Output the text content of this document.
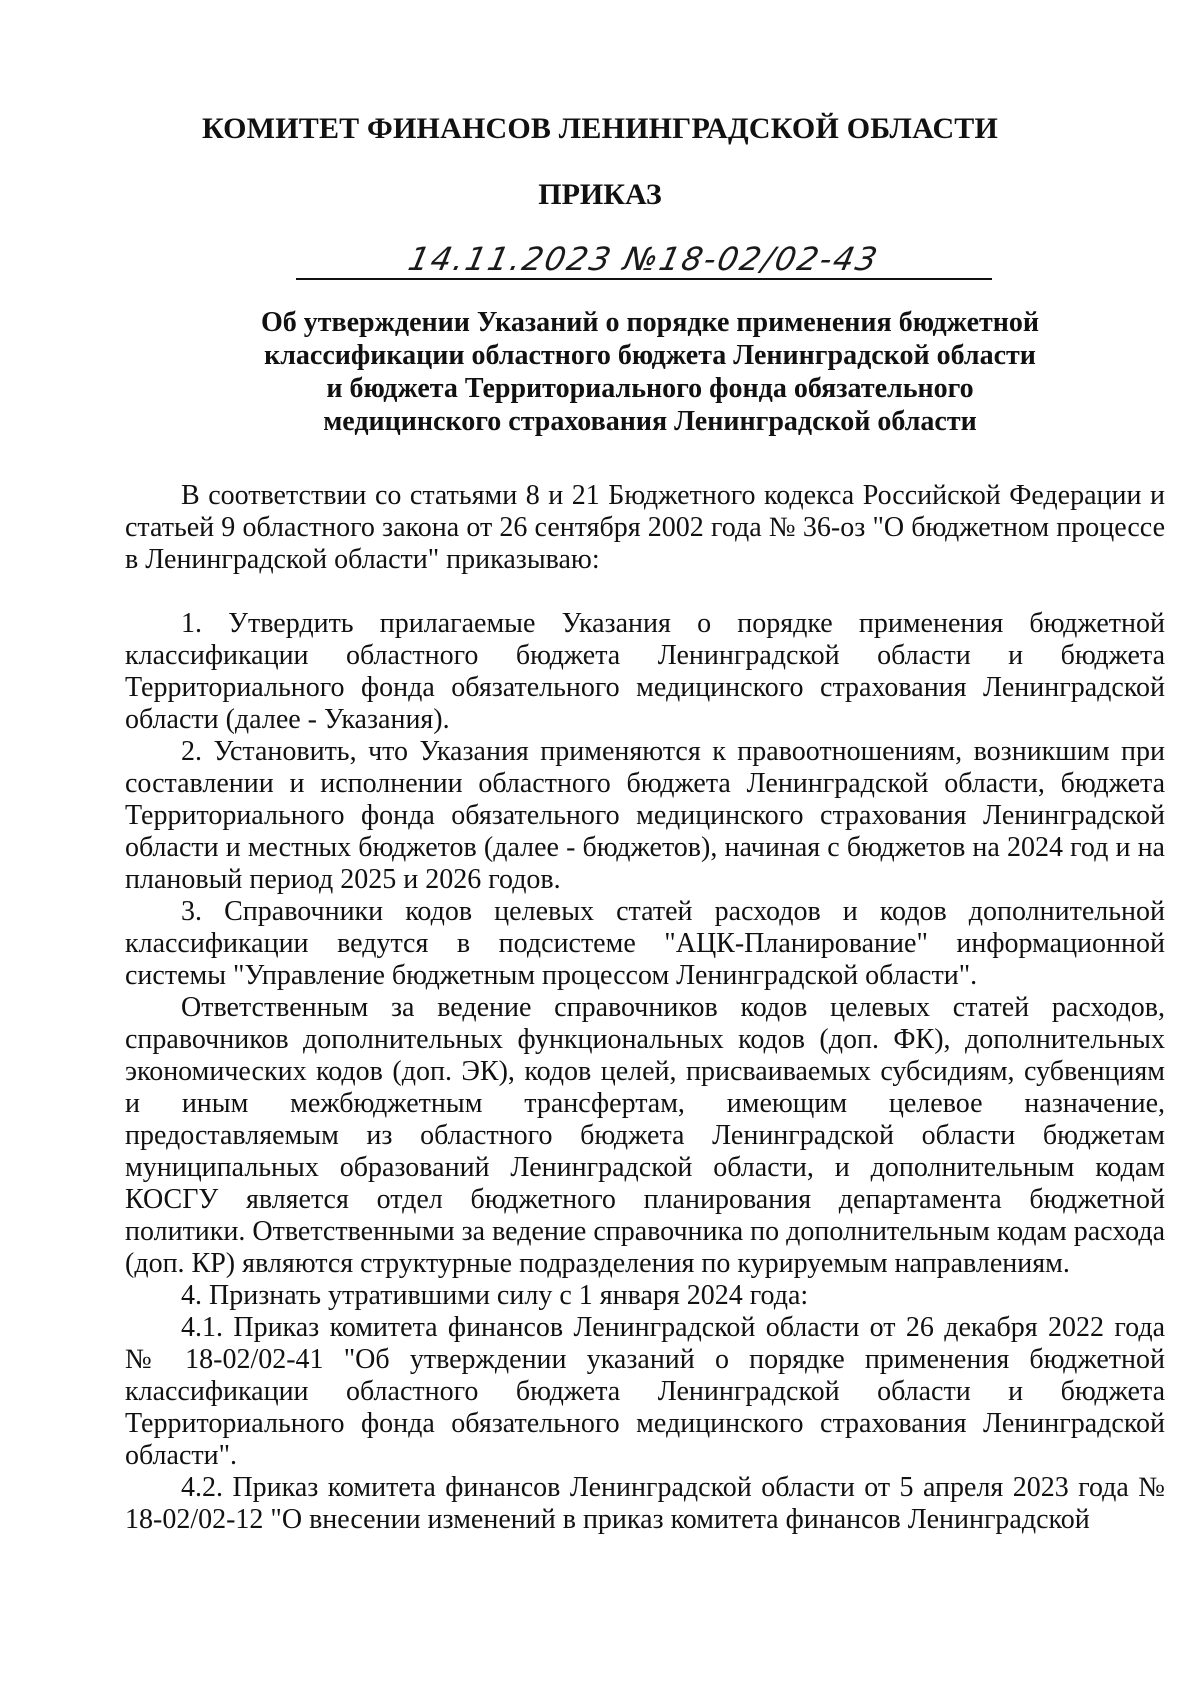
КОМИТЕТ ФИНАНСОВ ЛЕНИНГРАДСКОЙ ОБЛАСТИ
ПРИКАЗ
14.11.2023 №18-02/02-43
Об утверждении Указаний о порядке применения бюджетной
классификации областного бюджета Ленинградской области
и бюджета Территориального фонда обязательного
медицинского страхования Ленинградской области

В соответствии со статьями 8 и 21 Бюджетного кодекса Российской Федерации и статьей 9 областного закона от 26 сентября 2002 года № 36-оз "О бюджетном процессе в Ленинградской области" приказываю:

1. Утвердить прилагаемые Указания о порядке применения бюджетной классификации областного бюджета Ленинградской области и бюджета Территориального фонда обязательного медицинского страхования Ленинградской области (далее - Указания).

2. Установить, что Указания применяются к правоотношениям, возникшим при составлении и исполнении областного бюджета Ленинградской области, бюджета Территориального фонда обязательного медицинского страхования Ленинградской области и местных бюджетов (далее - бюджетов), начиная с бюджетов на 2024 год и на плановый период 2025 и 2026 годов.

3. Справочники кодов целевых статей расходов и кодов дополнительной классификации ведутся в подсистеме "АЦК-Планирование" информационной системы "Управление бюджетным процессом Ленинградской области".

Ответственным за ведение справочников кодов целевых статей расходов, справочников дополнительных функциональных кодов (доп. ФК), дополнительных экономических кодов (доп. ЭК), кодов целей, присваиваемых субсидиям, субвенциям и иным межбюджетным трансфертам, имеющим целевое назначение, предоставляемым из областного бюджета Ленинградской области бюджетам муниципальных образований Ленинградской области, и дополнительным кодам КОСГУ является отдел бюджетного планирования департамента бюджетной политики. Ответственными за ведение справочника по дополнительным кодам расхода (доп. КР) являются структурные подразделения по курируемым направлениям.

4. Признать утратившими силу с 1 января 2024 года:

4.1. Приказ комитета финансов Ленинградской области от 26 декабря 2022 года № 18-02/02-41 "Об утверждении указаний о порядке применения бюджетной классификации областного бюджета Ленинградской области и бюджета Территориального фонда обязательного медицинского страхования Ленинградской области".

4.2. Приказ комитета финансов Ленинградской области от 5 апреля 2023 года № 18-02/02-12 "О внесении изменений в приказ комитета финансов Ленинградской
